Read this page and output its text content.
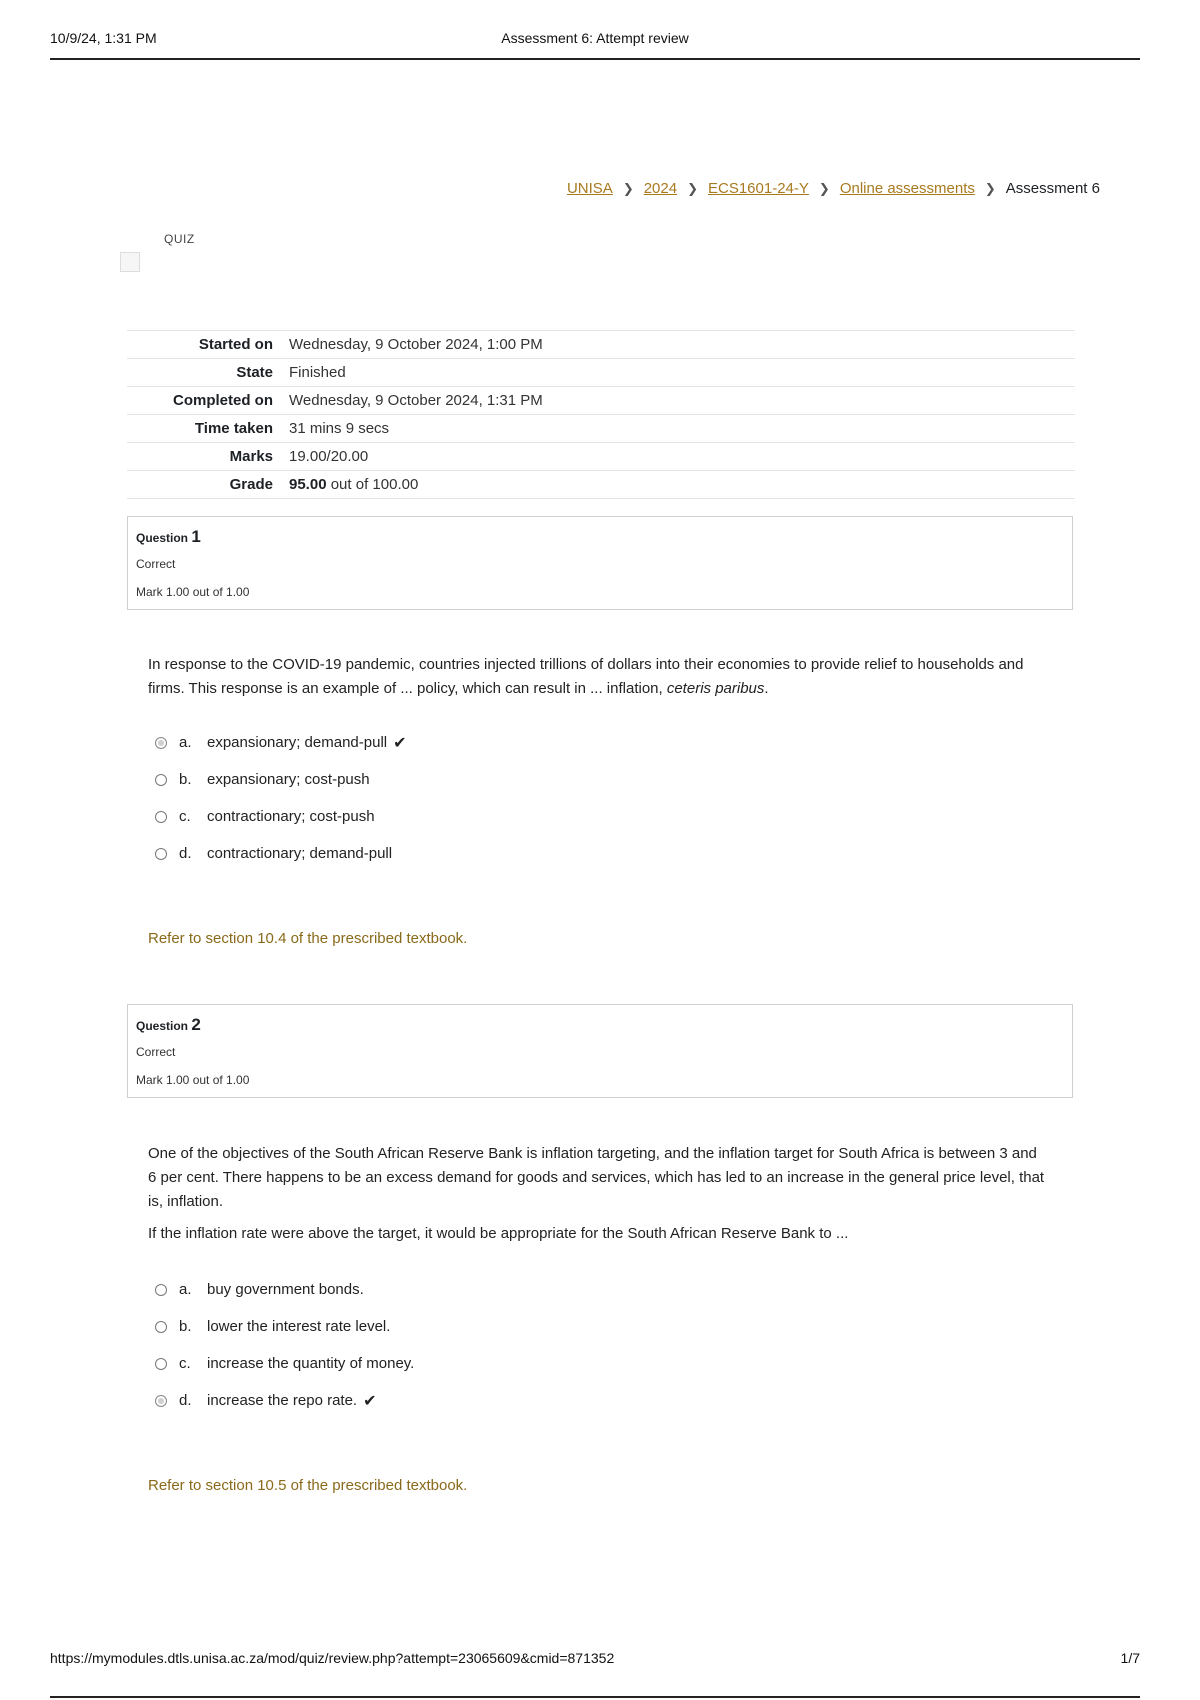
10/9/24, 1:31 PM	Assessment 6: Attempt review
UNISA ❯ 2024 ❯ ECS1601-24-Y ❯ Online assessments ❯ Assessment 6
QUIZ
Started on	Wednesday, 9 October 2024, 1:00 PM
State	Finished
Completed on	Wednesday, 9 October 2024, 1:31 PM
Time taken	31 mins 9 secs
Marks	19.00/20.00
Grade	95.00 out of 100.00
Question 1
Correct
Mark 1.00 out of 1.00

In response to the COVID-19 pandemic, countries injected trillions of dollars into their economies to provide relief to households and firms. This response is an example of ... policy, which can result in ... inflation, ceteris paribus.

a.	expansionary; demand-pull ✔
b.	expansionary; cost-push
c.	contractionary; cost-push
d.	contractionary; demand-pull
Refer to section 10.4 of the prescribed textbook.
Question 2
Correct
Mark 1.00 out of 1.00

One of the objectives of the South African Reserve Bank is inflation targeting, and the inflation target for South Africa is between 3 and 6 per cent. There happens to be an excess demand for goods and services, which has led to an increase in the general price level, that is, inflation.

If the inflation rate were above the target, it would be appropriate for the South African Reserve Bank to ...

a.	buy government bonds.
b.	lower the interest rate level.
c.	increase the quantity of money.
d.	increase the repo rate. ✔
Refer to section 10.5 of the prescribed textbook.
https://mymodules.dtls.unisa.ac.za/mod/quiz/review.php?attempt=23065609&cmid=871352	1/7
